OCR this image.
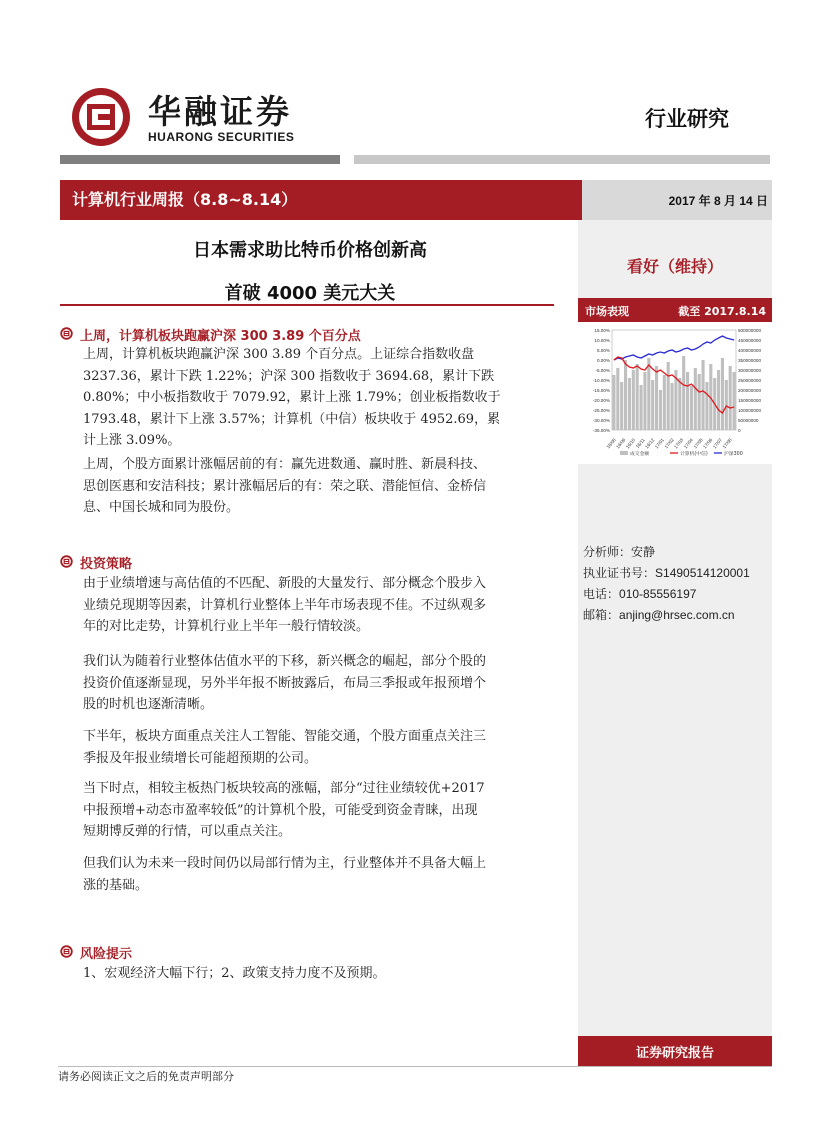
华融证券
HUARONG SECURITIES
行业研究
计算机行业周报（8.8~8.14）	2017 年 8 月 14 日
看好（维持）
市场表现	截至 2017.8.14
15.00%
10.00%
5.00%
0.00%
-5.00%
-10.00%
-15.00%
-20.00%
-25.00%
-30.00%
-35.00%
500000000
450000000
400000000
350000000
300000000
250000000
200000000
150000000
100000000
50000000
0
16/08
16/09
16/10
16/11
16/12
17/01
17/02
17/03
17/04
17/05
17/06
17/07
17/08
成交金额	计算机(中信)	沪深300
分析师：安静
执业证书号：S1490514120001
电话：010-85556197
邮箱：anjing@hrsec.com.cn
证券研究报告
日本需求助比特币价格创新高
首破 4000 美元大关
上周，计算机板块跑赢沪深 300 3.89 个百分点
上周，计算机板块跑赢沪深 300 3.89 个百分点。上证综合指数收盘
3237.36，累计下跌 1.22%；沪深 300 指数收于 3694.68，累计下跌
0.80%；中小板指数收于 7079.92，累计上涨 1.79%；创业板指数收于
1793.48，累计下上涨 3.57%；计算机（中信）板块收于 4952.69，累
计上涨 3.09%。
上周，个股方面累计涨幅居前的有：赢先进数通、赢时胜、新晨科技、
思创医惠和安洁科技；累计涨幅居后的有：荣之联、潜能恒信、金桥信
息、中国长城和同为股份。
投资策略
由于业绩增速与高估值的不匹配、新股的大量发行、部分概念个股步入
业绩兑现期等因素，计算机行业整体上半年市场表现不佳。不过纵观多
年的对比走势，计算机行业上半年一般行情较淡。
我们认为随着行业整体估值水平的下移，新兴概念的崛起，部分个股的
投资价值逐渐显现，另外半年报不断披露后，布局三季报或年报预增个
股的时机也逐渐清晰。
下半年，板块方面重点关注人工智能、智能交通，个股方面重点关注三
季报及年报业绩增长可能超预期的公司。
当下时点，相较主板热门板块较高的涨幅，部分“过往业绩较优+2017
中报预增+动态市盈率较低”的计算机个股，可能受到资金青睐，出现
短期博反弹的行情，可以重点关注。
但我们认为未来一段时间仍以局部行情为主，行业整体并不具备大幅上
涨的基础。
风险提示
1、宏观经济大幅下行；2、政策支持力度不及预期。
请务必阅读正文之后的免责声明部分
